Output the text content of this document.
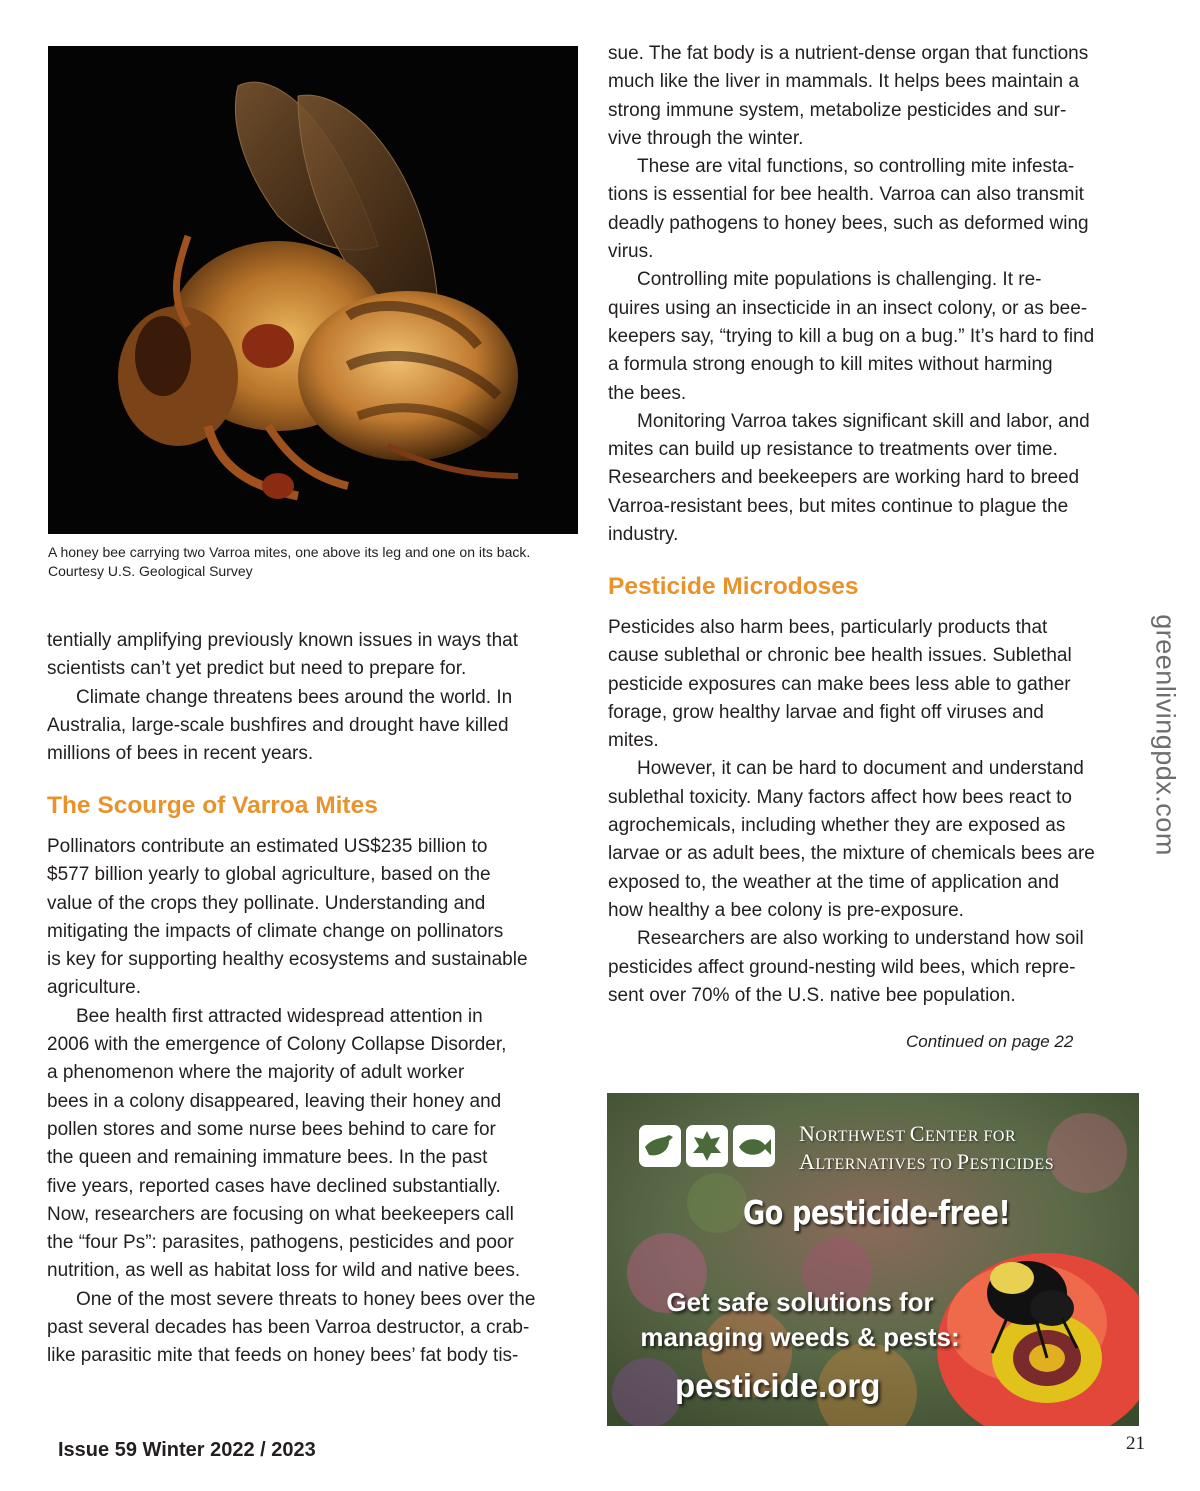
A honey bee carrying two Varroa mites, one above its leg and one on its back.
Courtesy U.S. Geological Survey

tentially amplifying previously known issues in ways that
scientists can’t yet predict but need to prepare for.

Climate change threatens bees around the world. In
Australia, large-scale bushfires and drought have killed
millions of bees in recent years.

The Scourge of Varroa Mites

Pollinators contribute an estimated US$235 billion to
$577 billion yearly to global agriculture, based on the
value of the crops they pollinate. Understanding and
mitigating the impacts of climate change on pollinators
is key for supporting healthy ecosystems and sustainable
agriculture.

Bee health first attracted widespread attention in
2006 with the emergence of Colony Collapse Disorder,
a phenomenon where the majority of adult worker
bees in a colony disappeared, leaving their honey and
pollen stores and some nurse bees behind to care for
the queen and remaining immature bees. In the past
five years, reported cases have declined substantially.
Now, researchers are focusing on what beekeepers call
the “four Ps”: parasites, pathogens, pesticides and poor
nutrition, as well as habitat loss for wild and native bees.

One of the most severe threats to honey bees over the
past several decades has been Varroa destructor, a crab-
like parasitic mite that feeds on honey bees’ fat body tis-

sue. The fat body is a nutrient-dense organ that functions
much like the liver in mammals. It helps bees maintain a
strong immune system, metabolize pesticides and sur-
vive through the winter.

These are vital functions, so controlling mite infesta-
tions is essential for bee health. Varroa can also transmit
deadly pathogens to honey bees, such as deformed wing
virus.

Controlling mite populations is challenging. It re-
quires using an insecticide in an insect colony, or as bee-
keepers say, “trying to kill a bug on a bug.” It’s hard to find
a formula strong enough to kill mites without harming
the bees.

Monitoring Varroa takes significant skill and labor, and
mites can build up resistance to treatments over time.
Researchers and beekeepers are working hard to breed
Varroa-resistant bees, but mites continue to plague the
industry.

Pesticide Microdoses

Pesticides also harm bees, particularly products that
cause sublethal or chronic bee health issues. Sublethal
pesticide exposures can make bees less able to gather
forage, grow healthy larvae and fight off viruses and
mites.

However, it can be hard to document and understand
sublethal toxicity. Many factors affect how bees react to
agrochemicals, including whether they are exposed as
larvae or as adult bees, the mixture of chemicals bees are
exposed to, the weather at the time of application and
how healthy a bee colony is pre-exposure.

Researchers are also working to understand how soil
pesticides affect ground-nesting wild bees, which repre-
sent over 70% of the U.S. native bee population.

Continued on page 22
greenlivingpdx.com
NORTHWEST CENTER FOR
ALTERNATIVES TO PESTICIDES
Go pesticide-free!
Get safe solutions for
managing weeds & pests:
pesticide.org
Issue 59 Winter 2022 / 2023	21
